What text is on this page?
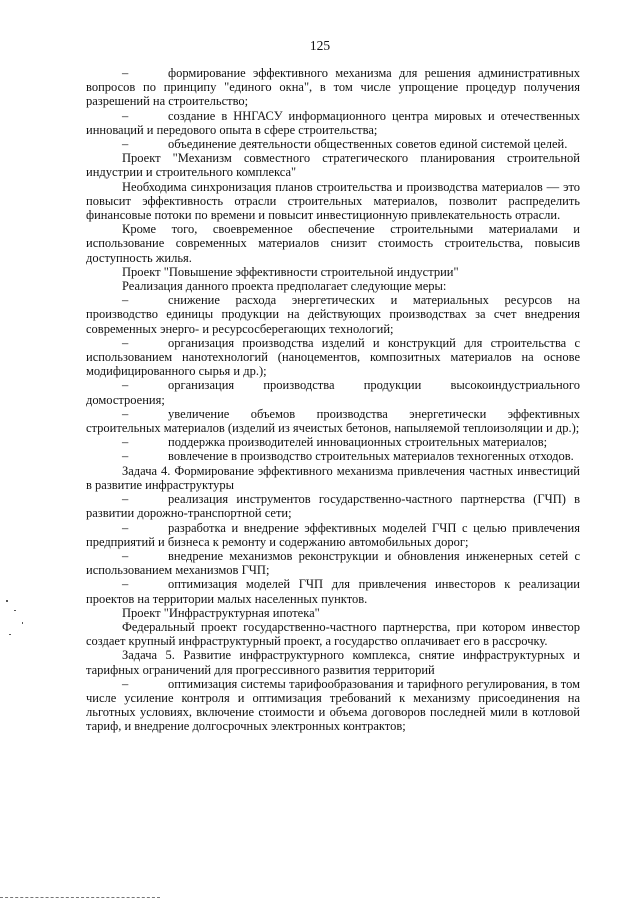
125

–	формирование эффективного механизма для решения административных вопросов по принципу "единого окна", в том числе упрощение процедур получения разрешений на строительство;

–	создание в ННГАСУ информационного центра мировых и отечественных инноваций и передового опыта в сфере строительства;

–	объединение деятельности общественных советов единой системой целей.

Проект "Механизм совместного стратегического планирования строительной индустрии и строительного комплекса"

Необходима синхронизация планов строительства и производства материалов — это повысит эффективность отрасли строительных материалов, позволит распределить финансовые потоки по времени и повысит инвестиционную привлекательность отрасли.

Кроме того, своевременное обеспечение строительными материалами и использование современных материалов снизит стоимость строительства, повысив доступность жилья.

Проект "Повышение эффективности строительной индустрии"

Реализация данного проекта предполагает следующие меры:

–	снижение расхода энергетических и материальных ресурсов на производство единицы продукции на действующих производствах за счет внедрения современных энерго- и ресурсосберегающих технологий;

–	организация производства изделий и конструкций для строительства с использованием нанотехнологий (наноцементов, композитных материалов на основе модифицированного сырья и др.);

–	организация производства продукции высокоиндустриального домостроения;

–	увеличение объемов производства энергетически эффективных строительных материалов (изделий из ячеистых бетонов, напыляемой теплоизоляции и др.);

–	поддержка производителей инновационных строительных материалов;

–	вовлечение в производство строительных материалов техногенных отходов.

Задача 4. Формирование эффективного механизма привлечения частных инвестиций в развитие инфраструктуры

–	реализация инструментов государственно-частного партнерства (ГЧП) в развитии дорожно-транспортной сети;

–	разработка и внедрение эффективных моделей ГЧП с целью привлечения предприятий и бизнеса к ремонту и содержанию автомобильных дорог;

–	внедрение механизмов реконструкции и обновления инженерных сетей с использованием механизмов ГЧП;

–	оптимизация моделей ГЧП для привлечения инвесторов к реализации проектов на территории малых населенных пунктов.

Проект "Инфраструктурная ипотека"

Федеральный проект государственно-частного партнерства, при котором инвестор создает крупный инфраструктурный проект, а государство оплачивает его в рассрочку.

Задача 5. Развитие инфраструктурного комплекса, снятие инфраструктурных и тарифных ограничений для прогрессивного развития территорий

–	оптимизация системы тарифообразования и тарифного регулирования, в том числе усиление контроля и оптимизация требований к механизму присоединения на льготных условиях, включение стоимости и объема договоров последней мили в котловой тариф, и внедрение долгосрочных электронных контрактов;
